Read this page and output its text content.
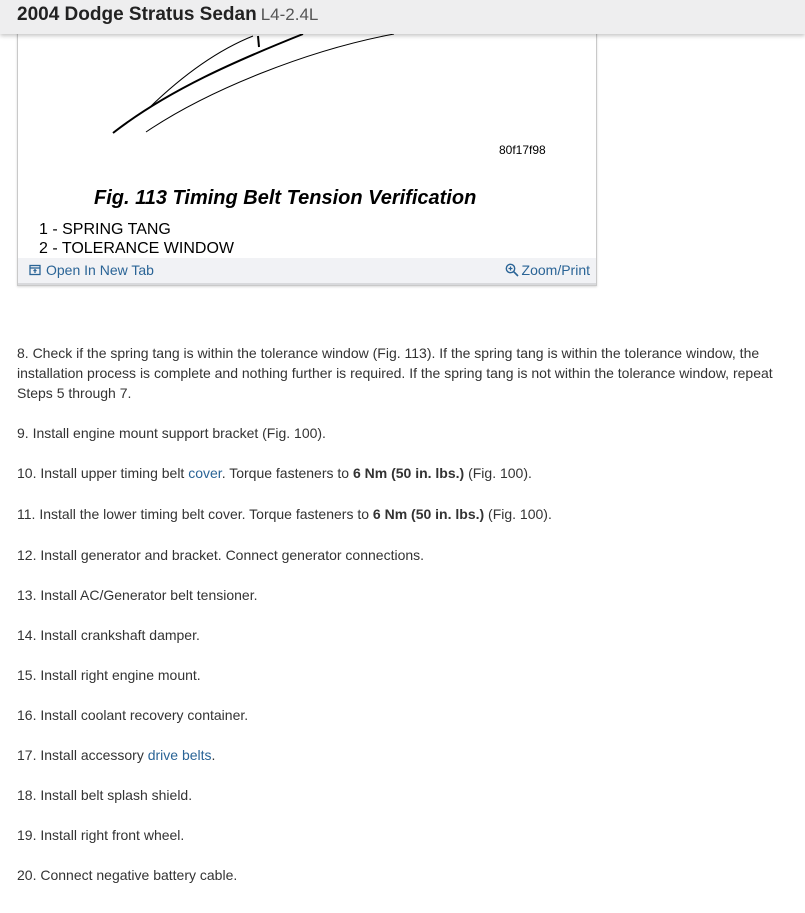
2004 Dodge Stratus Sedan L4-2.4L
80f17f98
Fig. 113 Timing Belt Tension Verification
1 - SPRING TANG
2 - TOLERANCE WINDOW
Open In New Tab	Zoom/Print
8. Check if the spring tang is within the tolerance window (Fig. 113). If the spring tang is within the tolerance window, the installation process is complete and nothing further is required. If the spring tang is not within the tolerance window, repeat Steps 5 through 7.
9. Install engine mount support bracket (Fig. 100).
10. Install upper timing belt cover. Torque fasteners to 6 Nm (50 in. lbs.) (Fig. 100).
11. Install the lower timing belt cover. Torque fasteners to 6 Nm (50 in. lbs.) (Fig. 100).
12. Install generator and bracket. Connect generator connections.
13. Install AC/Generator belt tensioner.
14. Install crankshaft damper.
15. Install right engine mount.
16. Install coolant recovery container.
17. Install accessory drive belts.
18. Install belt splash shield.
19. Install right front wheel.
20. Connect negative battery cable.
